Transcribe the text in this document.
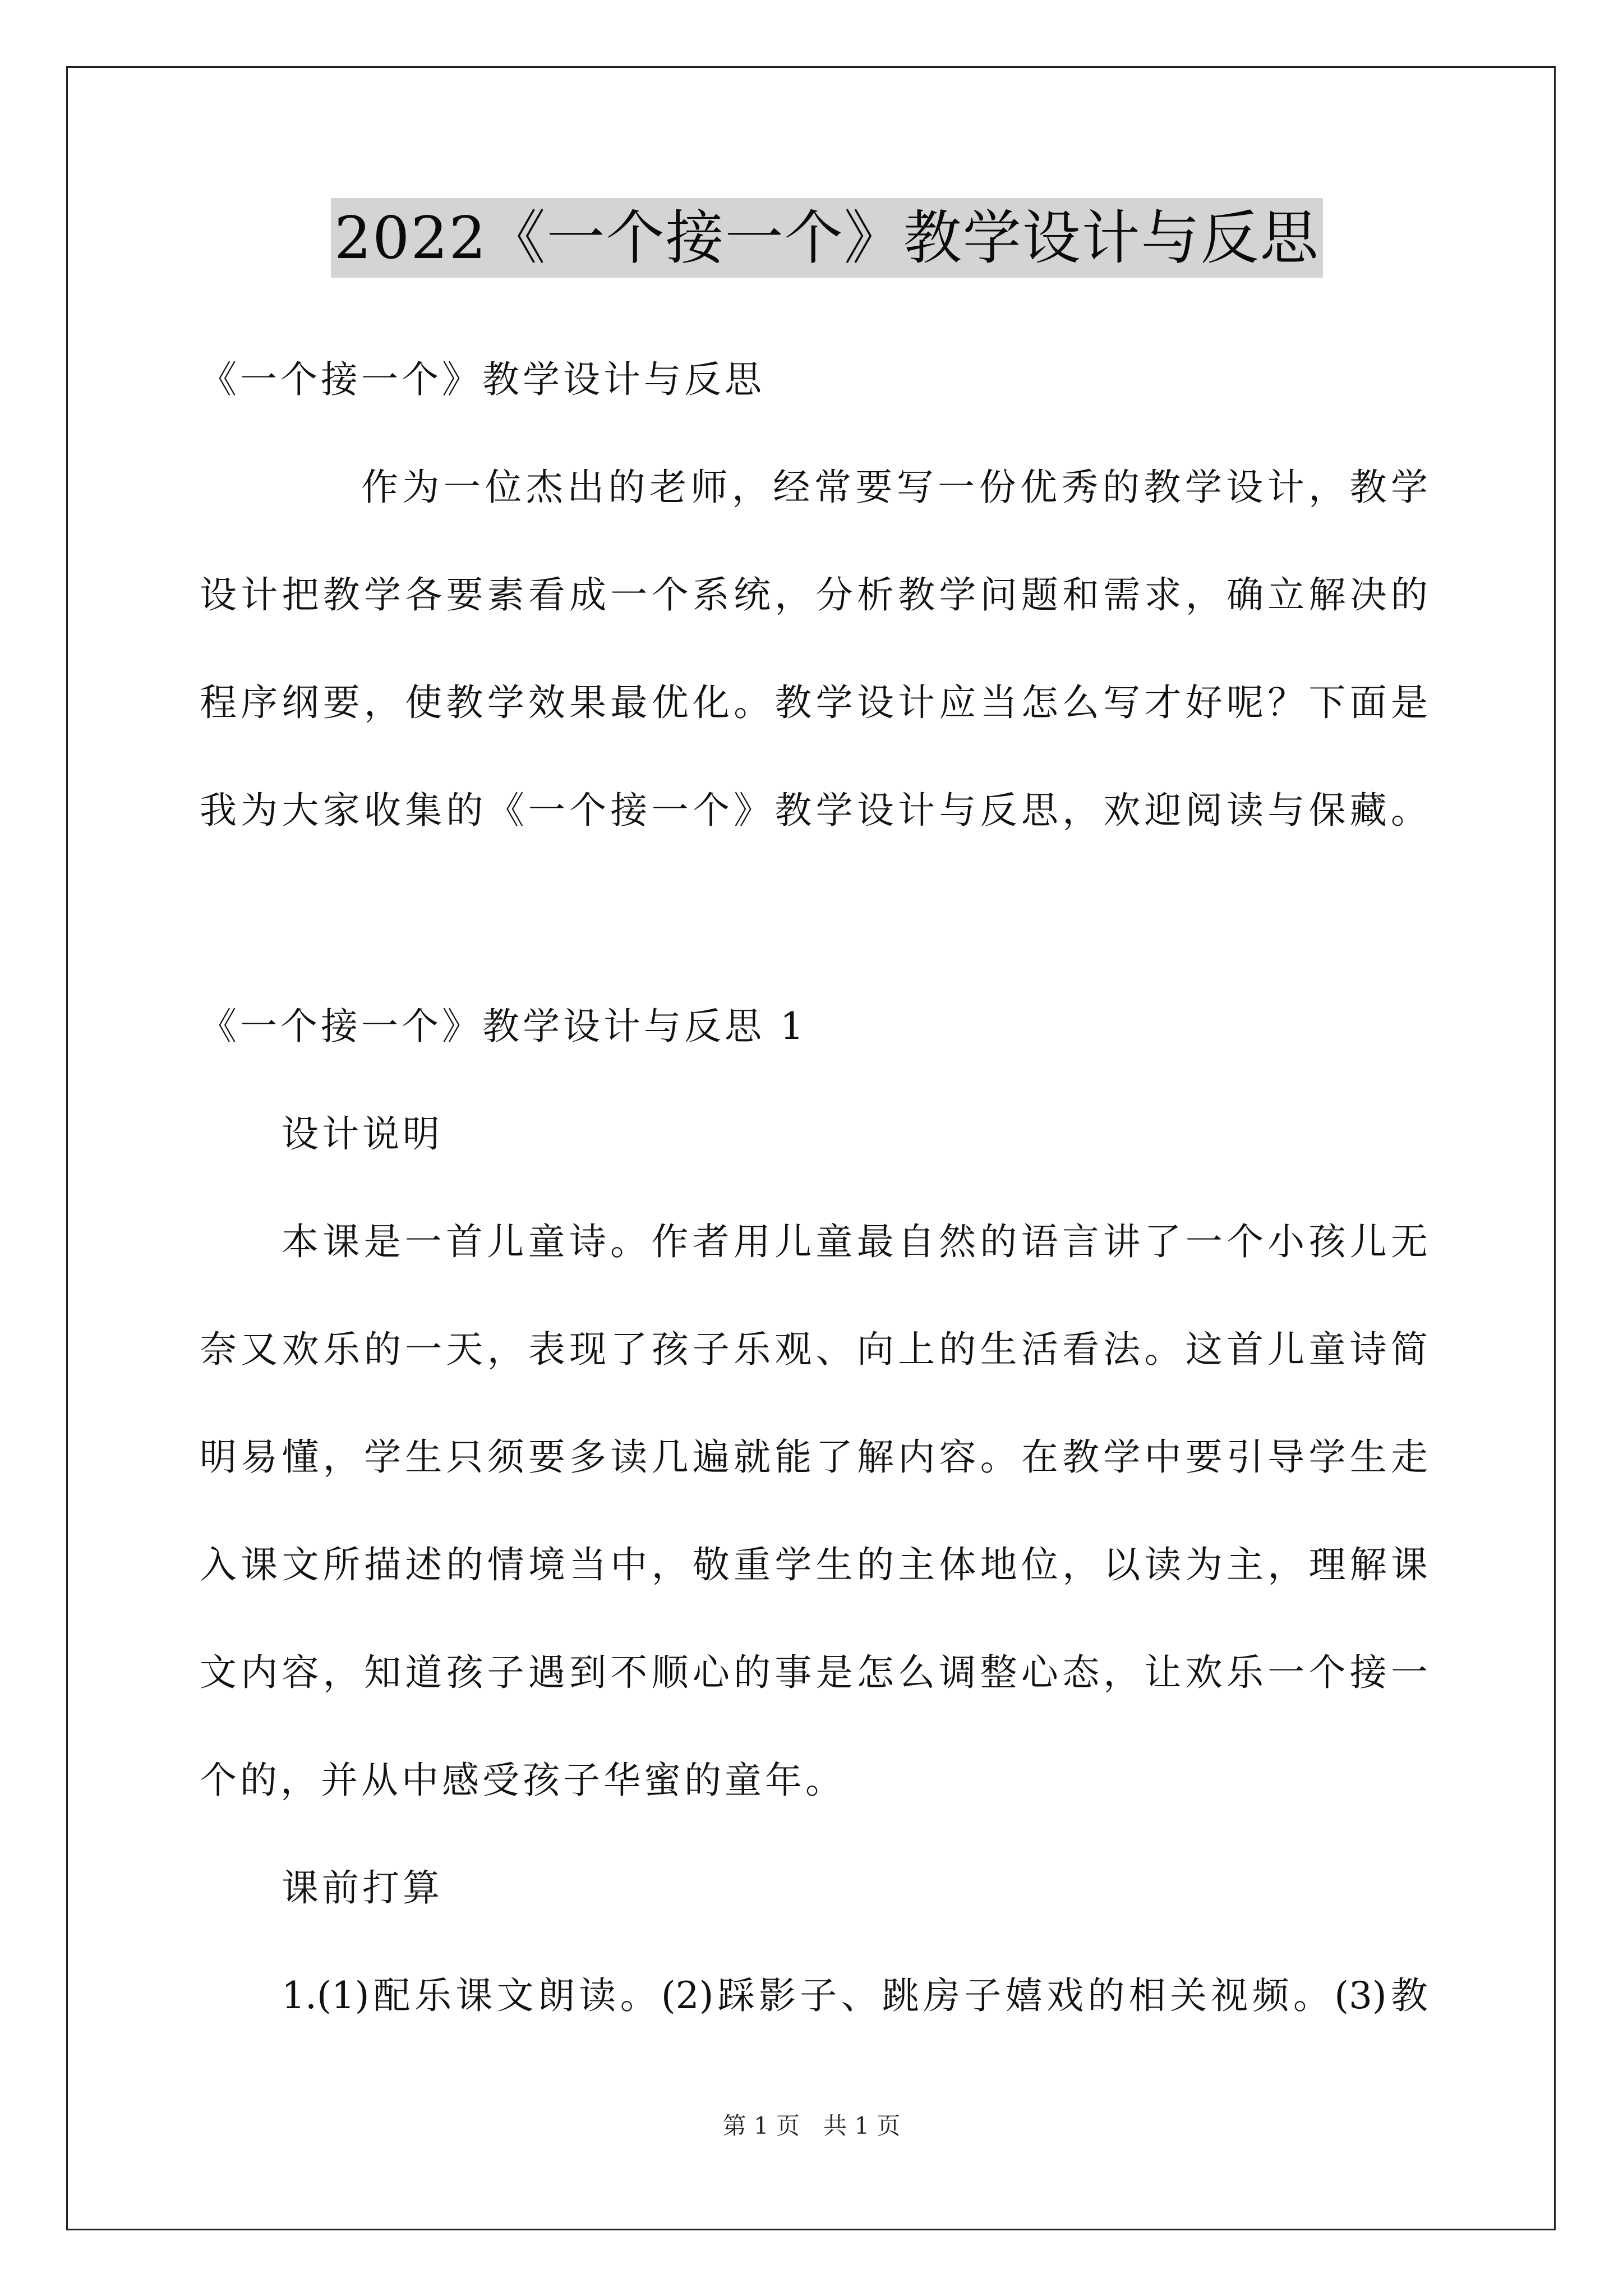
2022《一个接一个》教学设计与反思
《一个接一个》教学设计与反思
作为一位杰出的老师，经常要写一份优秀的教学设计，教学
设计把教学各要素看成一个系统，分析教学问题和需求，确立解决的
程序纲要，使教学效果最优化。教学设计应当怎么写才好呢？下面是
我为大家收集的《一个接一个》教学设计与反思，欢迎阅读与保藏。
《一个接一个》教学设计与反思 1
设计说明
本课是一首儿童诗。作者用儿童最自然的语言讲了一个小孩儿无
奈又欢乐的一天，表现了孩子乐观、向上的生活看法。这首儿童诗简
明易懂，学生只须要多读几遍就能了解内容。在教学中要引导学生走
入课文所描述的情境当中，敬重学生的主体地位，以读为主，理解课
文内容，知道孩子遇到不顺心的事是怎么调整心态，让欢乐一个接一
个的，并从中感受孩子华蜜的童年。
课前打算
1.(1)配乐课文朗读。(2)踩影子、跳房子嬉戏的相关视频。(3)教
第 1 页　共 1 页
